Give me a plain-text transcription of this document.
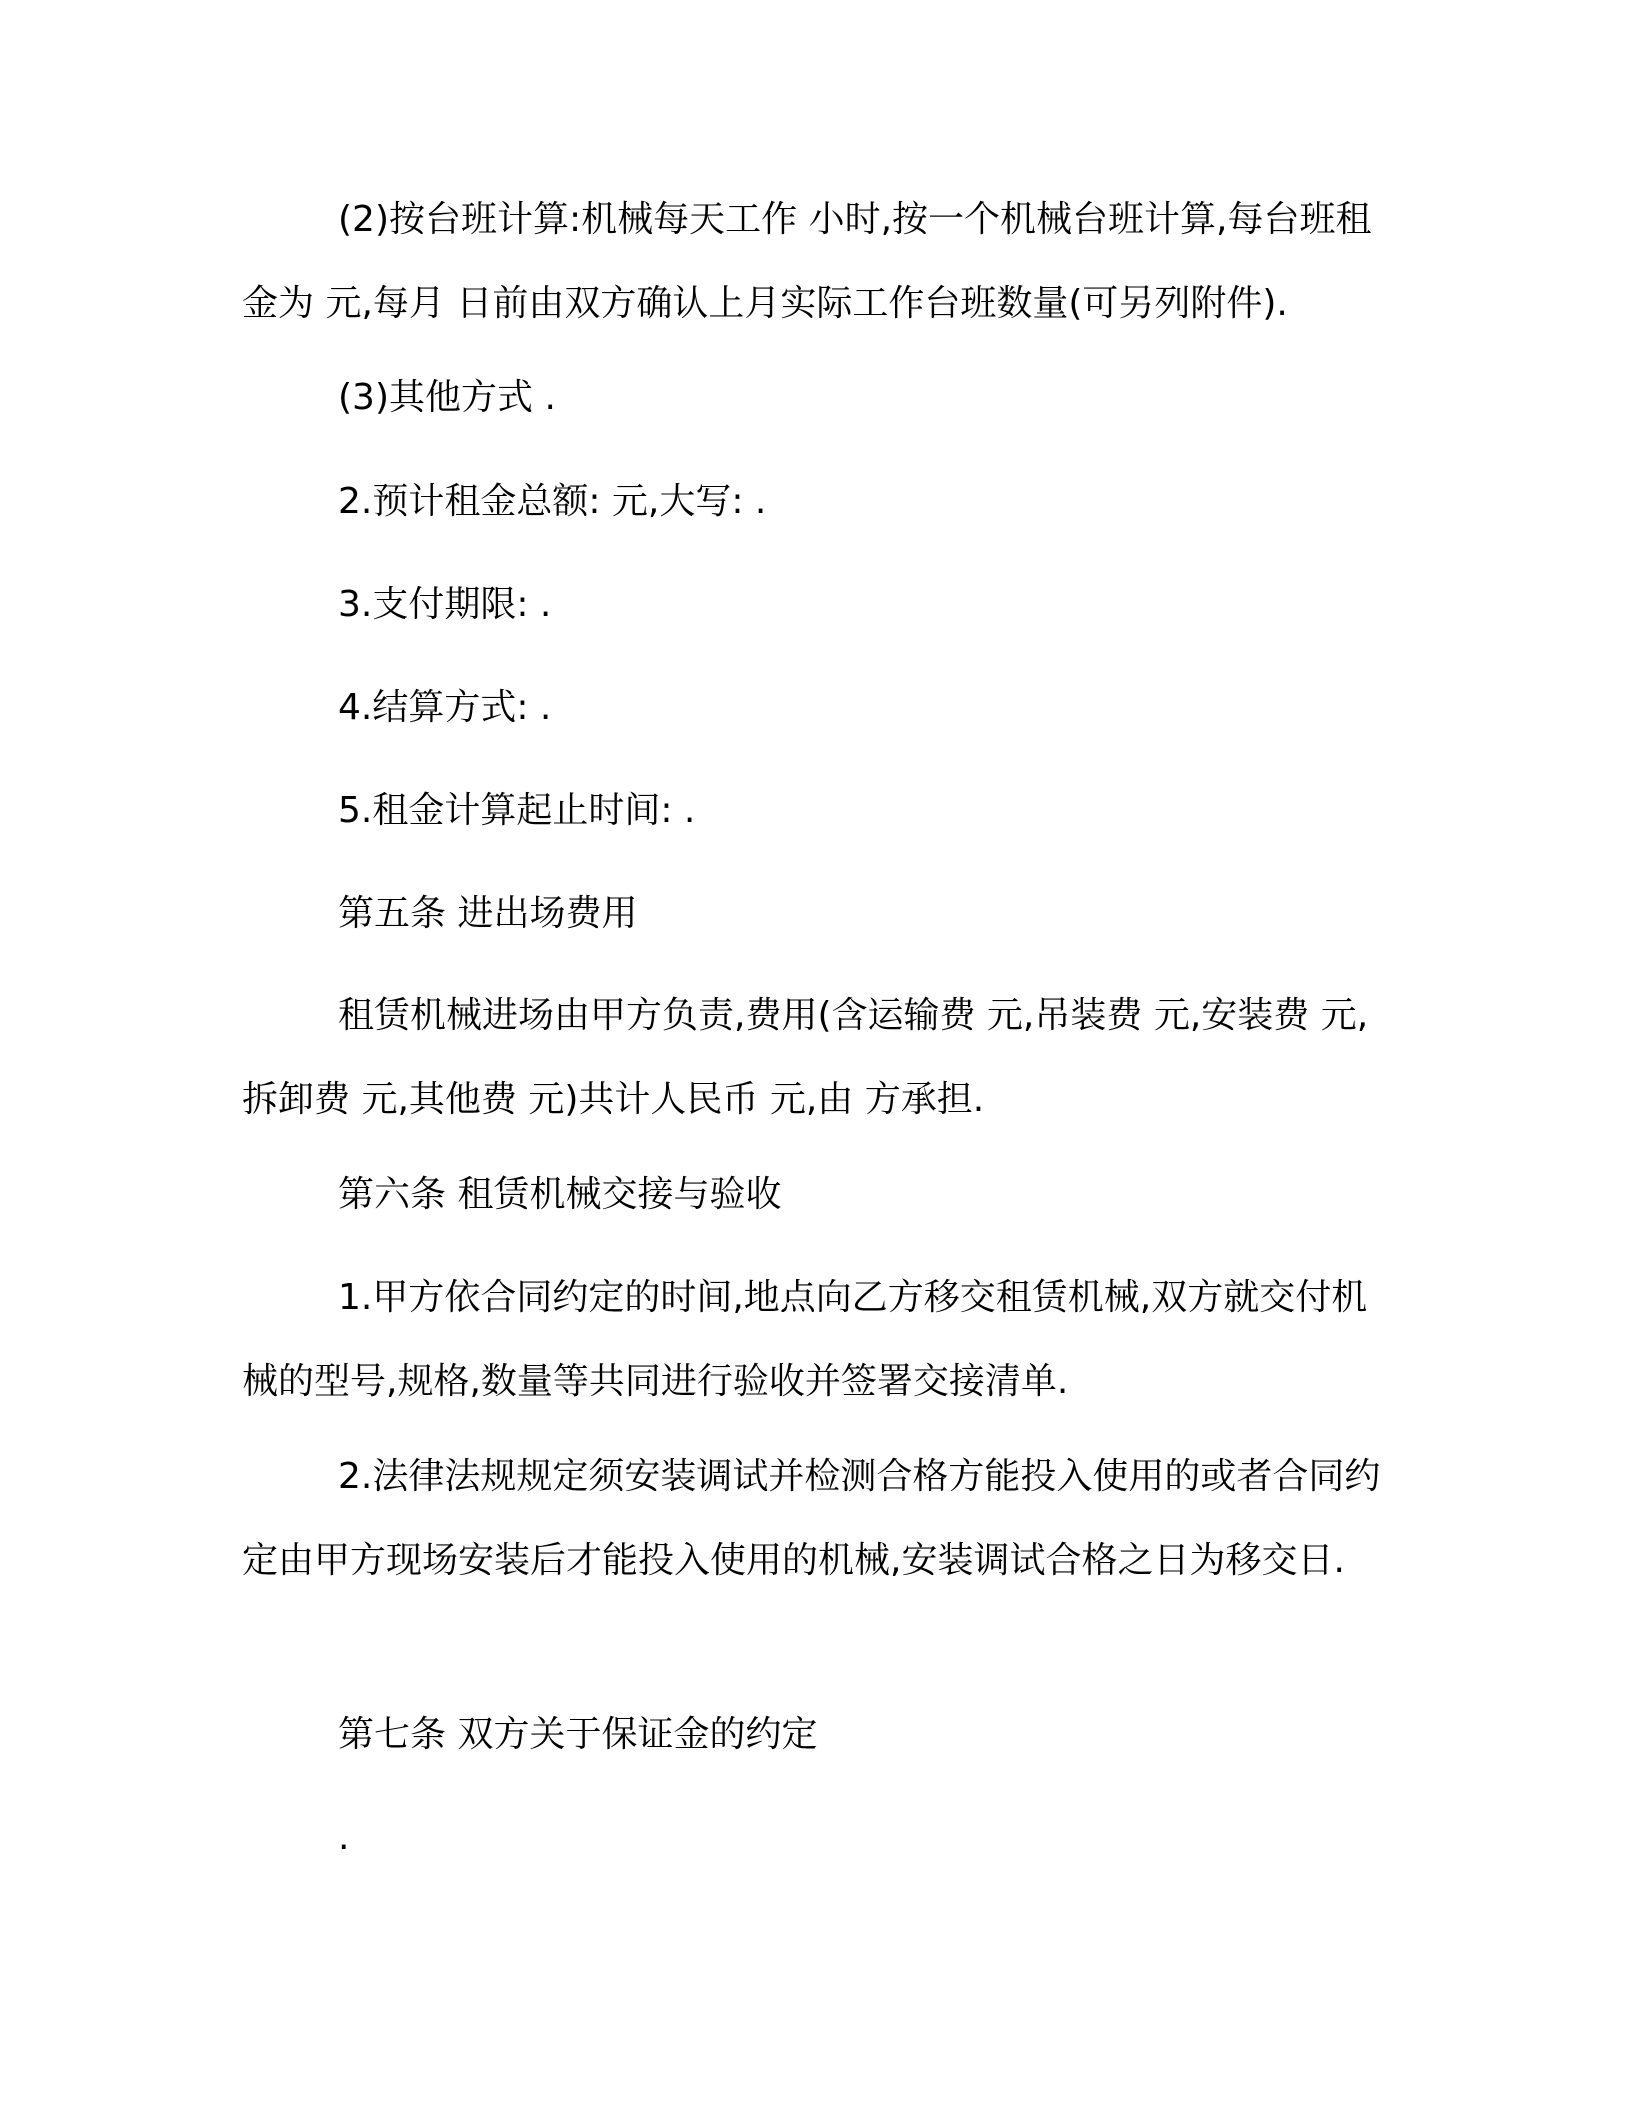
(2)按台班计算:机械每天工作 小时,按一个机械台班计算,每台班租金为 元,每月 日前由双方确认上月实际工作台班数量(可另列附件).

(3)其他方式 .

2.预计租金总额: 元,大写: .

3.支付期限: .

4.结算方式: .

5.租金计算起止时间: .

第五条 进出场费用

租赁机械进场由甲方负责,费用(含运输费 元,吊装费 元,安装费 元,拆卸费 元,其他费 元)共计人民币 元,由 方承担.

第六条 租赁机械交接与验收

1.甲方依合同约定的时间,地点向乙方移交租赁机械,双方就交付机械的型号,规格,数量等共同进行验收并签署交接清单.

2.法律法规规定须安装调试并检测合格方能投入使用的或者合同约定由甲方现场安装后才能投入使用的机械,安装调试合格之日为移交日.

第七条 双方关于保证金的约定

.
